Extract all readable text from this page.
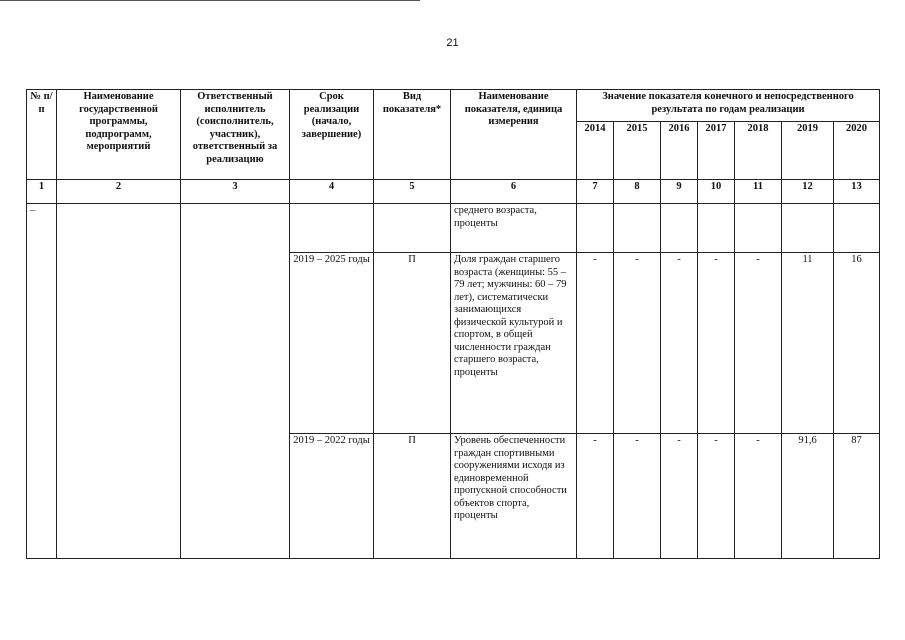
21
№ п/п	Наименование государственной программы, подпрограмм, мероприятий	Ответственный исполнитель (соисполнитель, участник), ответственный за реализацию	Срок реализации (начало, завершение)	Вид показателя*	Наименование показателя, единица измерения	Значение показателя конечного и непосредственного результата по годам реализации						
						2014	2015	2016	2017	2018	2019	2020
1	2	3	4	5	6	7	8	9	10	11	12	13
–					среднего возраста, проценты							
			2019 – 2025 годы	П	Доля граждан старшего возраста (женщины: 55 – 79 лет; мужчины: 60 – 79 лет), систематически занимающихся физической культурой и спортом, в общей численности граждан старшего возраста, проценты	-	-	-	-	-	11	16
			2019 – 2022 годы	П	Уровень обеспеченности граждан спортивными сооружениями исходя из единовременной пропускной способности объектов спорта, проценты	-	-	-	-	-	91,6	87
